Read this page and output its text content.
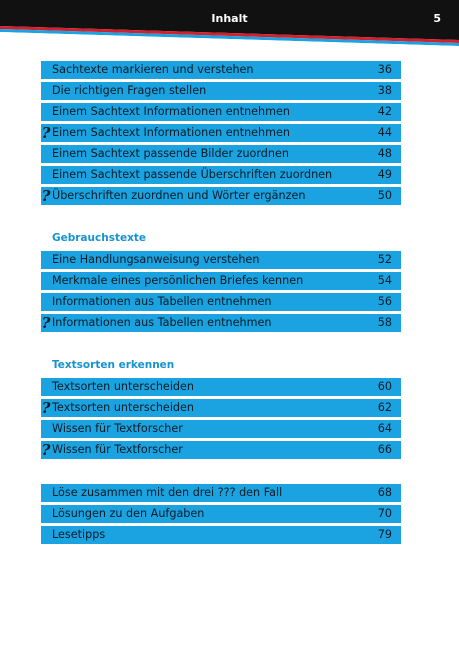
Inhalt	5
Sachtexte markieren und verstehen	36
Die richtigen Fragen stellen	38
Einem Sachtext Informationen entnehmen	42
Einem Sachtext Informationen entnehmen	44
?
Einem Sachtext passende Bilder zuordnen	48
Einem Sachtext passende Überschriften zuordnen	49
Überschriften zuordnen und Wörter ergänzen	50
?
Gebrauchstexte
Eine Handlungsanweisung verstehen	52
Merkmale eines persönlichen Briefes kennen	54
Informationen aus Tabellen entnehmen	56
Informationen aus Tabellen entnehmen	58
?
Textsorten erkennen
Textsorten unterscheiden	60
Textsorten unterscheiden	62
?
Wissen für Textforscher	64
Wissen für Textforscher	66
?
Löse zusammen mit den drei ??? den Fall	68
Lösungen zu den Aufgaben	70
Lesetipps	79
